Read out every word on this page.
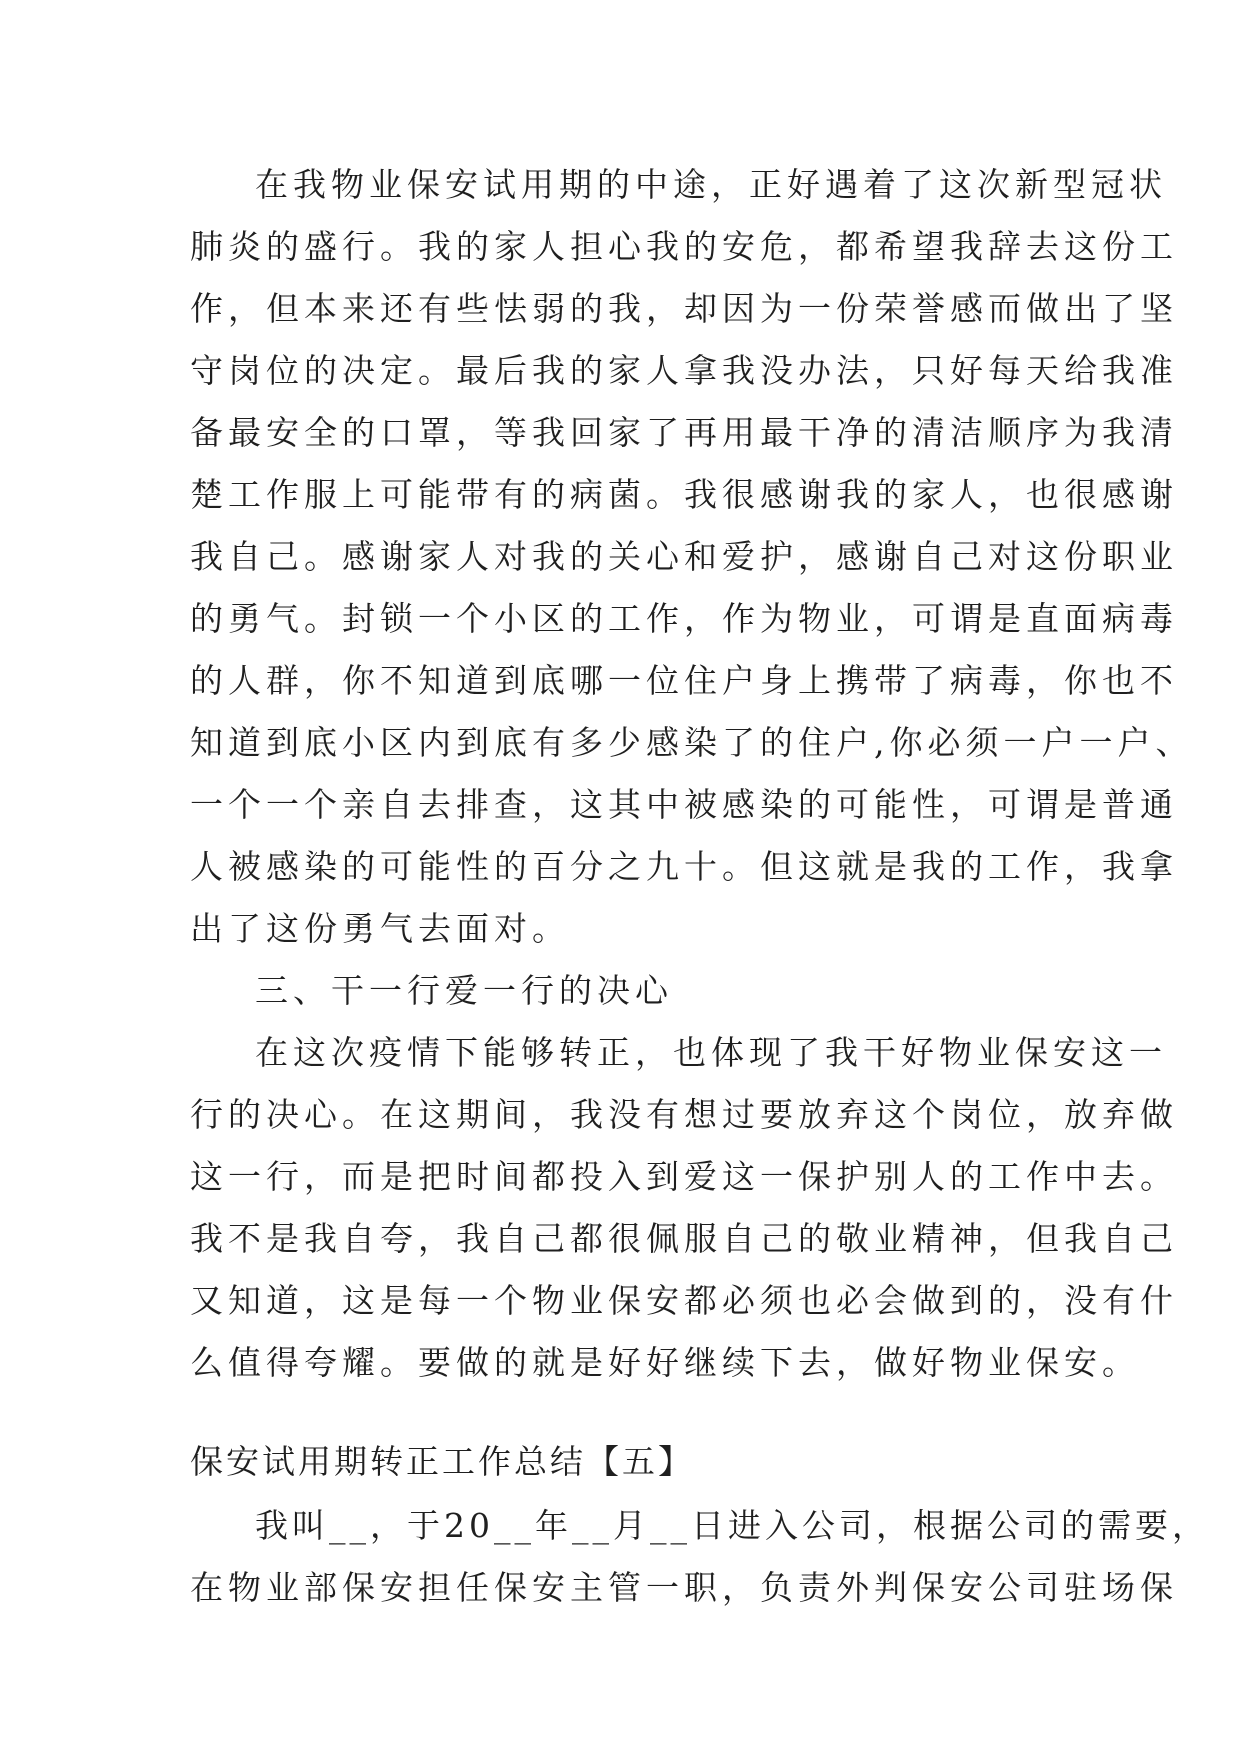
在我物业保安试用期的中途，正好遇着了这次新型冠状
肺炎的盛行。我的家人担心我的安危，都希望我辞去这份工
作，但本来还有些怯弱的我，却因为一份荣誉感而做出了坚
守岗位的决定。最后我的家人拿我没办法，只好每天给我准
备最安全的口罩，等我回家了再用最干净的清洁顺序为我清
楚工作服上可能带有的病菌。我很感谢我的家人，也很感谢
我自己。感谢家人对我的关心和爱护，感谢自己对这份职业
的勇气。封锁一个小区的工作，作为物业，可谓是直面病毒
的人群，你不知道到底哪一位住户身上携带了病毒，你也不
知道到底小区内到底有多少感染了的住户,你必须一户一户、
一个一个亲自去排查，这其中被感染的可能性，可谓是普通
人被感染的可能性的百分之九十。但这就是我的工作，我拿
出了这份勇气去面对。
三、干一行爱一行的决心
在这次疫情下能够转正，也体现了我干好物业保安这一
行的决心。在这期间，我没有想过要放弃这个岗位，放弃做
这一行，而是把时间都投入到爱这一保护别人的工作中去。
我不是我自夸，我自己都很佩服自己的敬业精神，但我自己
又知道，这是每一个物业保安都必须也必会做到的，没有什
么值得夸耀。要做的就是好好继续下去，做好物业保安。
保安试用期转正工作总结【五】
我叫__，于20__年__月__日进入公司，根据公司的需要，
在物业部保安担任保安主管一职，负责外判保安公司驻场保
